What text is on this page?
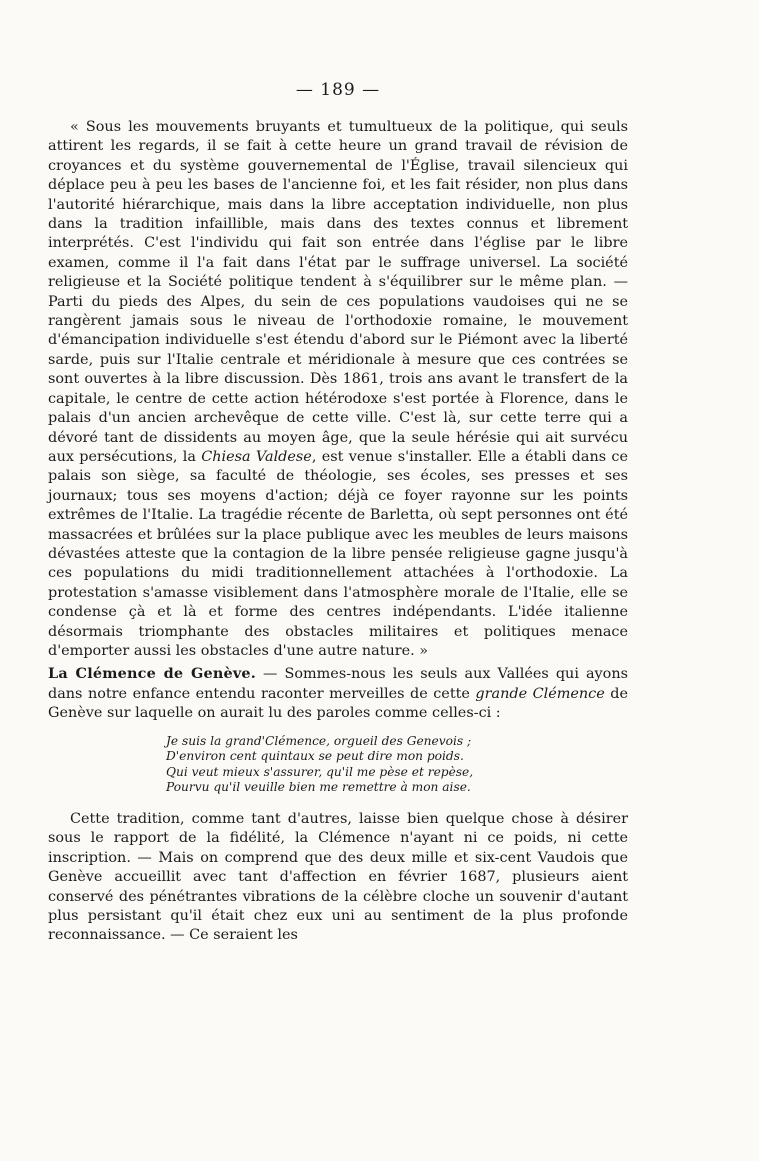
— 189 —

« Sous les mouvements bruyants et tumultueux de la politique, qui seuls attirent les regards, il se fait à cette heure un grand travail de révision de croyances et du système gouvernemental de l'Église, travail silencieux qui déplace peu à peu les bases de l'ancienne foi, et les fait résider, non plus dans l'autorité hiérarchique, mais dans la libre acceptation individuelle, non plus dans la tradition infaillible, mais dans des textes connus et librement interprétés. C'est l'individu qui fait son entrée dans l'église par le libre examen, comme il l'a fait dans l'état par le suffrage universel. La société religieuse et la Société politique tendent à s'équilibrer sur le même plan. — Parti du pieds des Alpes, du sein de ces populations vaudoises qui ne se rangèrent jamais sous le niveau de l'orthodoxie romaine, le mouvement d'émancipation individuelle s'est étendu d'abord sur le Piémont avec la liberté sarde, puis sur l'Italie centrale et méridionale à mesure que ces contrées se sont ouvertes à la libre discussion. Dès 1861, trois ans avant le transfert de la capitale, le centre de cette action hétérodoxe s'est portée à Florence, dans le palais d'un ancien archevêque de cette ville. C'est là, sur cette terre qui a dévoré tant de dissidents au moyen âge, que la seule hérésie qui ait survécu aux persécutions, la Chiesa Valdese, est venue s'installer. Elle a établi dans ce palais son siège, sa faculté de théologie, ses écoles, ses presses et ses journaux; tous ses moyens d'action; déjà ce foyer rayonne sur les points extrêmes de l'Italie. La tragédie récente de Barletta, où sept personnes ont été massacrées et brûlées sur la place publique avec les meubles de leurs maisons dévastées atteste que la contagion de la libre pensée religieuse gagne jusqu'à ces populations du midi traditionnellement attachées à l'orthodoxie. La protestation s'amasse visiblement dans l'atmosphère morale de l'Italie, elle se condense çà et là et forme des centres indépendants. L'idée italienne désormais triomphante des obstacles militaires et politiques menace d'emporter aussi les obstacles d'une autre nature. »

La Clémence de Genève. — Sommes-nous les seuls aux Vallées qui ayons dans notre enfance entendu raconter merveilles de cette grande Clémence de Genève sur laquelle on aurait lu des paroles comme celles-ci :

Je suis la grand'Clémence, orgueil des Genevois ;
D'environ cent quintaux se peut dire mon poids.
Qui veut mieux s'assurer, qu'il me pèse et repèse,
Pourvu qu'il veuille bien me remettre à mon aise.

Cette tradition, comme tant d'autres, laisse bien quelque chose à désirer sous le rapport de la fidélité, la Clémence n'ayant ni ce poids, ni cette inscription. — Mais on comprend que des deux mille et six-cent Vaudois que Genève accueillit avec tant d'affection en février 1687, plusieurs aient conservé des pénétrantes vibrations de la célèbre cloche un souvenir d'autant plus persistant qu'il était chez eux uni au sentiment de la plus profonde reconnaissance. — Ce seraient les
